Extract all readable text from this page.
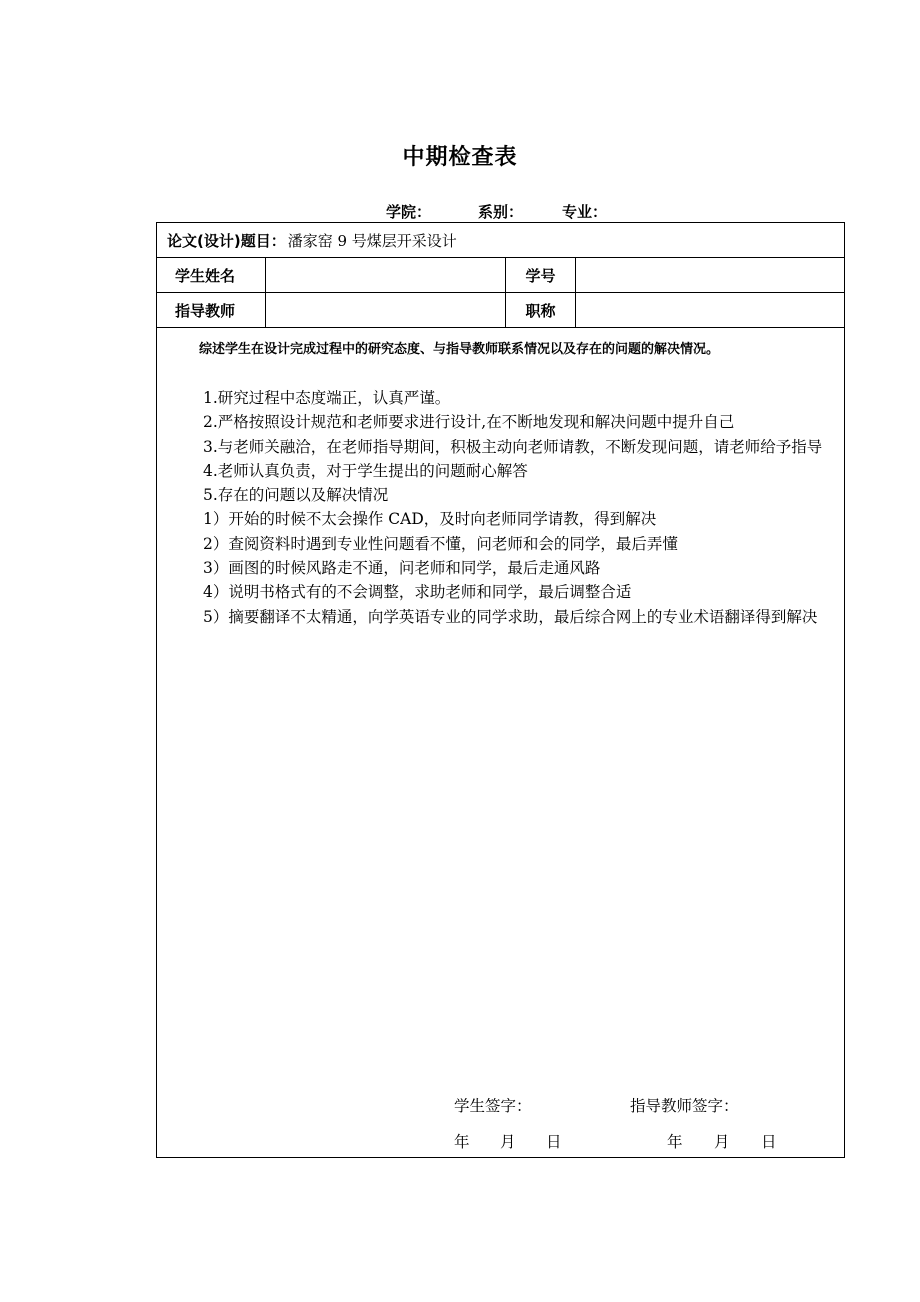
中期检查表
学院：	系别：	专业：
论文(设计)题目： 潘家窑 9 号煤层开采设计
学生姓名	学号
指导教师	职称
综述学生在设计完成过程中的研究态度、与指导教师联系情况以及存在的问题的解决情况。

1.研究过程中态度端正，认真严谨。

2.严格按照设计规范和老师要求进行设计,在不断地发现和解决问题中提升自己

3.与老师关融洽，在老师指导期间，积极主动向老师请教，不断发现问题，请老师给予指导

4.老师认真负责，对于学生提出的问题耐心解答

5.存在的问题以及解决情况

1）开始的时候不太会操作 CAD，及时向老师同学请教，得到解决

2）查阅资料时遇到专业性问题看不懂，问老师和会的同学，最后弄懂

3）画图的时候风路走不通，问老师和同学，最后走通风路

4）说明书格式有的不会调整，求助老师和同学，最后调整合适

5）摘要翻译不太精通，向学英语专业的同学求助，最后综合网上的专业术语翻译得到解决

学生签字：	指导教师签字：
年 月 日	年 月 日
